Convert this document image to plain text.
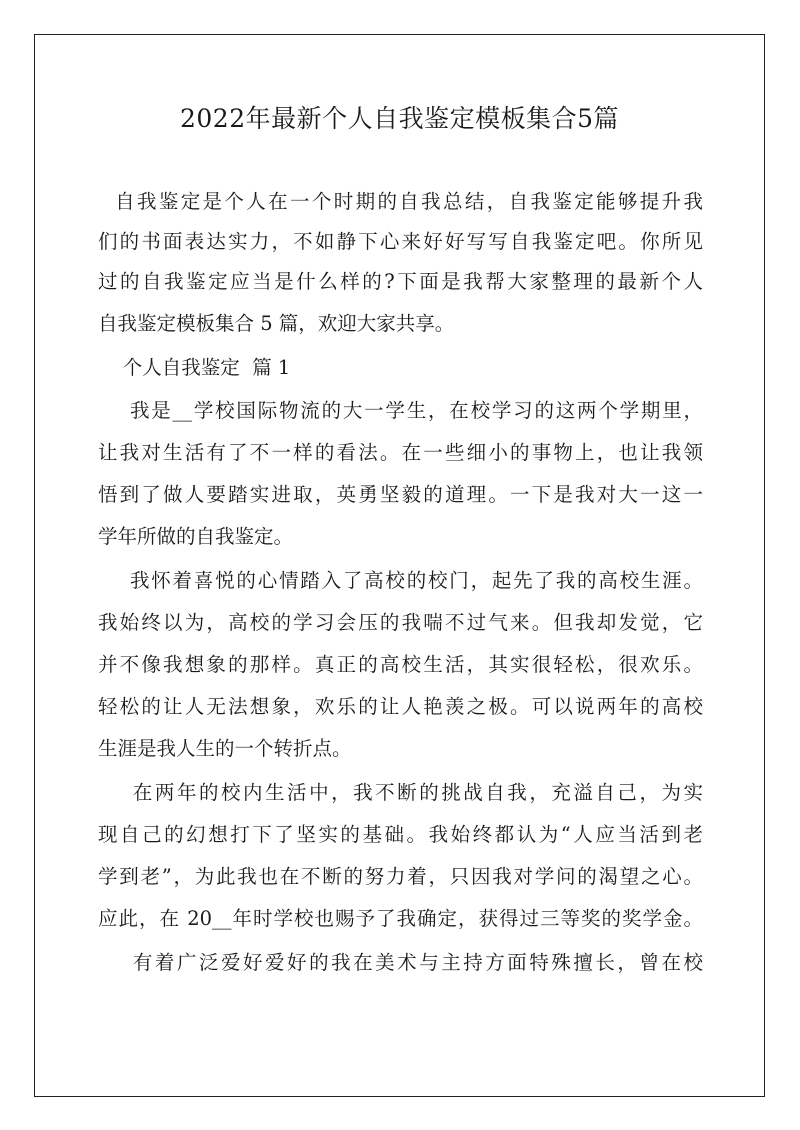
2022年最新个人自我鉴定模板集合5篇
自我鉴定是个人在一个时期的自我总结，自我鉴定能够提升我
们的书面表达实力，不如静下心来好好写写自我鉴定吧。你所见
过的自我鉴定应当是什么样的?下面是我帮大家整理的最新个人
自我鉴定模板集合 5 篇，欢迎大家共享。
个人自我鉴定  篇 1
我是__学校国际物流的大一学生，在校学习的这两个学期里，
让我对生活有了不一样的看法。在一些细小的事物上，也让我领
悟到了做人要踏实进取，英勇坚毅的道理。一下是我对大一这一
学年所做的自我鉴定。
我怀着喜悦的心情踏入了高校的校门，起先了我的高校生涯。
我始终以为，高校的学习会压的我喘不过气来。但我却发觉，它
并不像我想象的那样。真正的高校生活，其实很轻松，很欢乐。
轻松的让人无法想象，欢乐的让人艳羡之极。可以说两年的高校
生涯是我人生的一个转折点。
在两年的校内生活中，我不断的挑战自我，充溢自己，为实
现自己的幻想打下了坚实的基础。我始终都认为“人应当活到老
学到老”，为此我也在不断的努力着，只因我对学问的渴望之心。
应此，在 20__年时学校也赐予了我确定，获得过三等奖的奖学金。
有着广泛爱好爱好的我在美术与主持方面特殊擅长，曾在校
